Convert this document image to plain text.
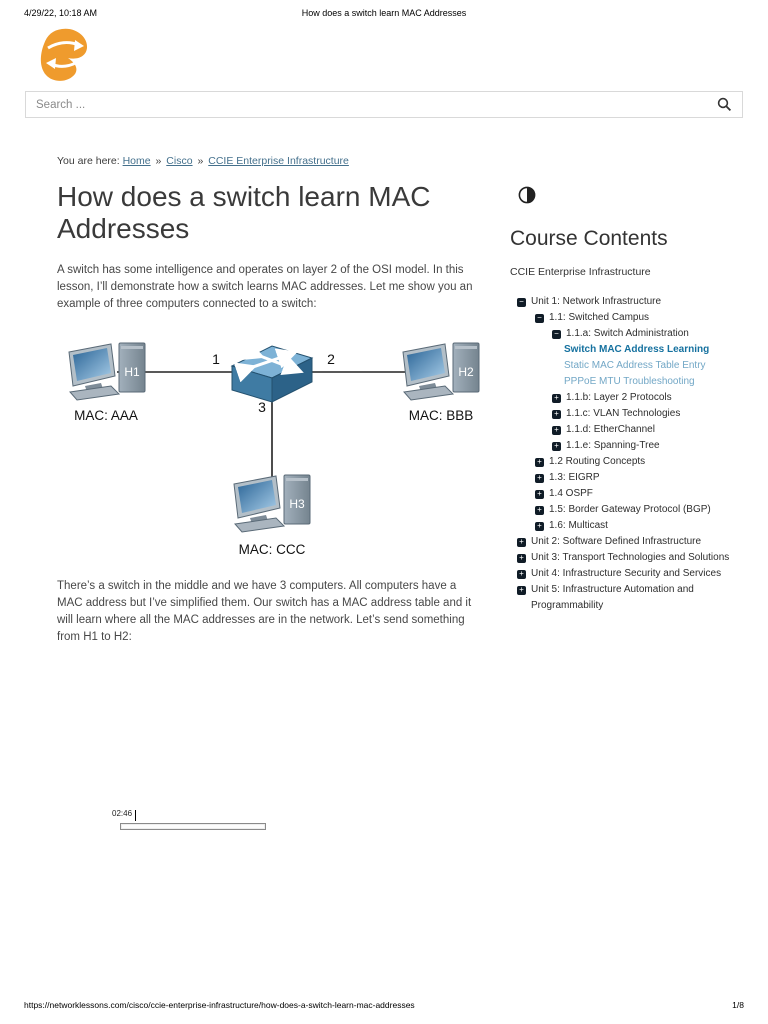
4/29/22, 10:18 AM	How does a switch learn MAC Addresses
Search ...
You are here: Home » Cisco » CCIE Enterprise Infrastructure
How does a switch learn MAC Addresses

A switch has some intelligence and operates on layer 2 of the OSI model. In this lesson, I’ll demonstrate how a switch learns MAC addresses. Let me show you an example of three computers connected to a switch:

1	2
3
H1	H2
H3
MAC: AAA	MAC: BBB
MAC: CCC

There’s a switch in the middle and we have 3 computers. All computers have a MAC address but I’ve simplified them. Our switch has a MAC address table and it will learn where all the MAC addresses are in the network. Let’s send something from H1 to H2:

02:46
Course Contents
CCIE Enterprise Infrastructure
− Unit 1: Network Infrastructure
− 1.1: Switched Campus
− 1.1.a: Switch Administration
Switch MAC Address Learning
Static MAC Address Table Entry
PPPoE MTU Troubleshooting
+ 1.1.b: Layer 2 Protocols
+ 1.1.c: VLAN Technologies
+ 1.1.d: EtherChannel
+ 1.1.e: Spanning-Tree
+ 1.2 Routing Concepts
+ 1.3: EIGRP
+ 1.4 OSPF
+ 1.5: Border Gateway Protocol (BGP)
+ 1.6: Multicast
+ Unit 2: Software Defined Infrastructure
+ Unit 3: Transport Technologies and Solutions
+ Unit 4: Infrastructure Security and Services
+ Unit 5: Infrastructure Automation and Programmability
https://networklessons.com/cisco/ccie-enterprise-infrastructure/how-does-a-switch-learn-mac-addresses	1/8
